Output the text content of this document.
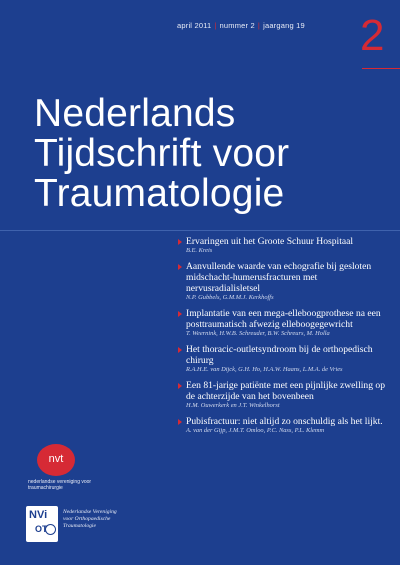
april 2011 | nummer 2 | jaargang 19 2
Nederlands
Tijdschrift voor
Traumatologie
Ervaringen uit het Groote Schuur Hospitaal
B.E. Kreis
Aanvullende waarde van echografie bij gesloten midschacht-humerusfracturen met nervusradialisletsel
N.P. Gubbels, G.M.M.J. Kerkhoffs
Implantatie van een mega-elleboogprothese na een posttraumatisch afwezig elleboogegewricht
T. Weernink, H.W.B. Schreuder, B.W. Schreurs, M. Holla
Het thoracic-outletsyndroom bij de orthopedisch chirurg
R.A.H.E. van Dijck, G.H. Ho, H.A.W. Haans, L.M.A. de Vries
Een 81-jarige patiënte met een pijnlijke zwelling op de achterzijde van het bovenbeen
H.M. Ouwerkerk en J.T. Winkelhorst
Pubisfractuur: niet altijd zo onschuldig als het lijkt.
A. van der Gijp, J.M.T. Omloo, P.C. Nass, P.L. Klemm
nvt
nederlandse vereniging voor traumachirurgie
NVi
OT
Nederlandse Vereniging voor Orthopaedische Traumatologie
